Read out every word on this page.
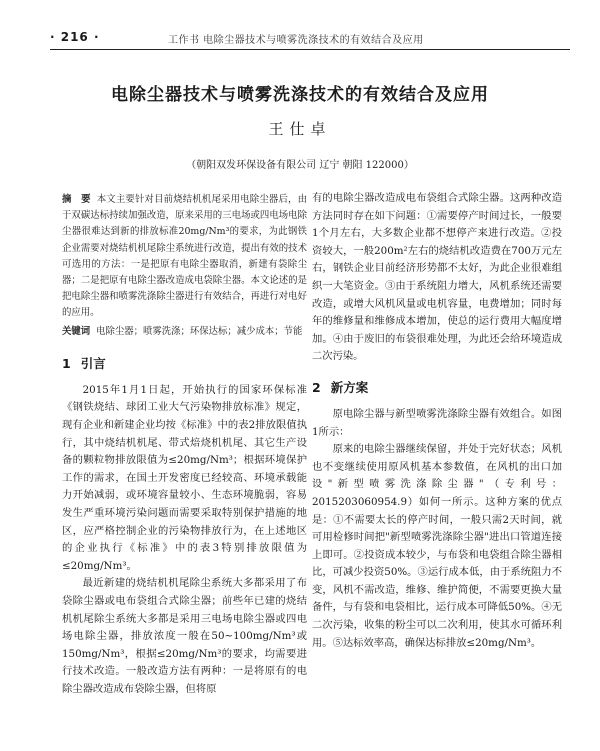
· 216 ·	工作书 电除尘器技术与喷雾洗涤技术的有效结合及应用
电除尘器技术与喷雾洗涤技术的有效结合及应用
王仕卓
（朝阳双发环保设备有限公司 辽宁 朝阳 122000）

摘　要 本文主要针对目前烧结机机尾采用电除尘器后，由于双碳达标持续加强改造，原来采用的三电场或四电场电除尘器很难达到新的排放标准20mg/Nm³的要求，为此钢铁企业需要对烧结机机尾除尘系统进行改造，提出有效的技术可选用的方法：一是把原有电除尘器取消，新建有袋除尘器；二是把原有电除尘器改造成电袋除尘器。本文论述的是把电除尘器和喷雾洗涤除尘器进行有效结合，再进行对电好的应用。

关键词 电除尘器；喷雾洗涤；环保达标；减少成本；节能

1 引言

2015年1月1日起，开始执行的国家环保标准《钢铁烧结、球团工业大气污染物排放标准》规定，现有企业和新建企业均按《标准》中的表2排放限值执行，其中烧结机机尾、带式焙烧机机尾、其它生产设备的颗粒物排放限值为≤20mg/Nm³；根据环境保护工作的需求，在国土开发密度已经较高、环境承载能力开始减弱，或环境容量较小、生态环境脆弱，容易发生严重环境污染问题而需要采取特别保护措施的地区，应严格控制企业的污染物排放行为，在上述地区的企业执行《标准》中的表3特别排放限值为≤20mg/Nm³。

最近新建的烧结机机尾除尘系统大多都采用了布袋除尘器或电布袋组合式除尘器；前些年已建的烧结机机尾除尘系统大多都是采用三电场电除尘器或四电场电除尘器，排放浓度一般在50~100mg/Nm³或150mg/Nm³，根据≤20mg/Nm³的要求，均需要进行技术改造。一般改造方法有两种：一是将原有的电除尘器改造成布袋除尘器，但将原

有的电除尘器改造成电布袋组合式除尘器。这两种改造方法同时存在如下问题：①需要停产时间过长，一般要1个月左右，大多数企业都不想停产来进行改造。②投资较大，一般200m²左右的烧结机改造费在700万元左右，钢铁企业目前经济形势都不太好，为此企业很难组织一大笔资金。③由于系统阻力增大，风机系统还需要改造，或增大风机风量或电机容量，电费增加；同时每年的维修量和维修成本增加，使总的运行费用大幅度增加。④由于废旧的布袋很难处理，为此还会给环境造成二次污染。

2 新方案

原电除尘器与新型喷雾洗涤除尘器有效组合。如图1所示：

原来的电除尘器继续保留，并处于完好状态；风机也不变继续使用原风机基本参数值，在风机的出口加设"新型喷雾洗涤除尘器"（专利号：2015203060954.9）如何一所示。这种方案的优点是：①不需要太长的停产时间，一般只需2天时间，就可用检修时间把"新型喷雾洗涤除尘器"进出口管道连接上即可。②投资成本较少，与布袋和电袋组合除尘器相比，可减少投资50%。③运行成本低，由于系统阻力不变，风机不需改造，维修、维护简便，不需要更换大量备件，与有袋和电袋相比，运行成本可降低50%。④无二次污染，收集的粉尘可以二次利用，使其水可循环利用。⑤达标效率高，确保达标排放≤20mg/Nm³。
